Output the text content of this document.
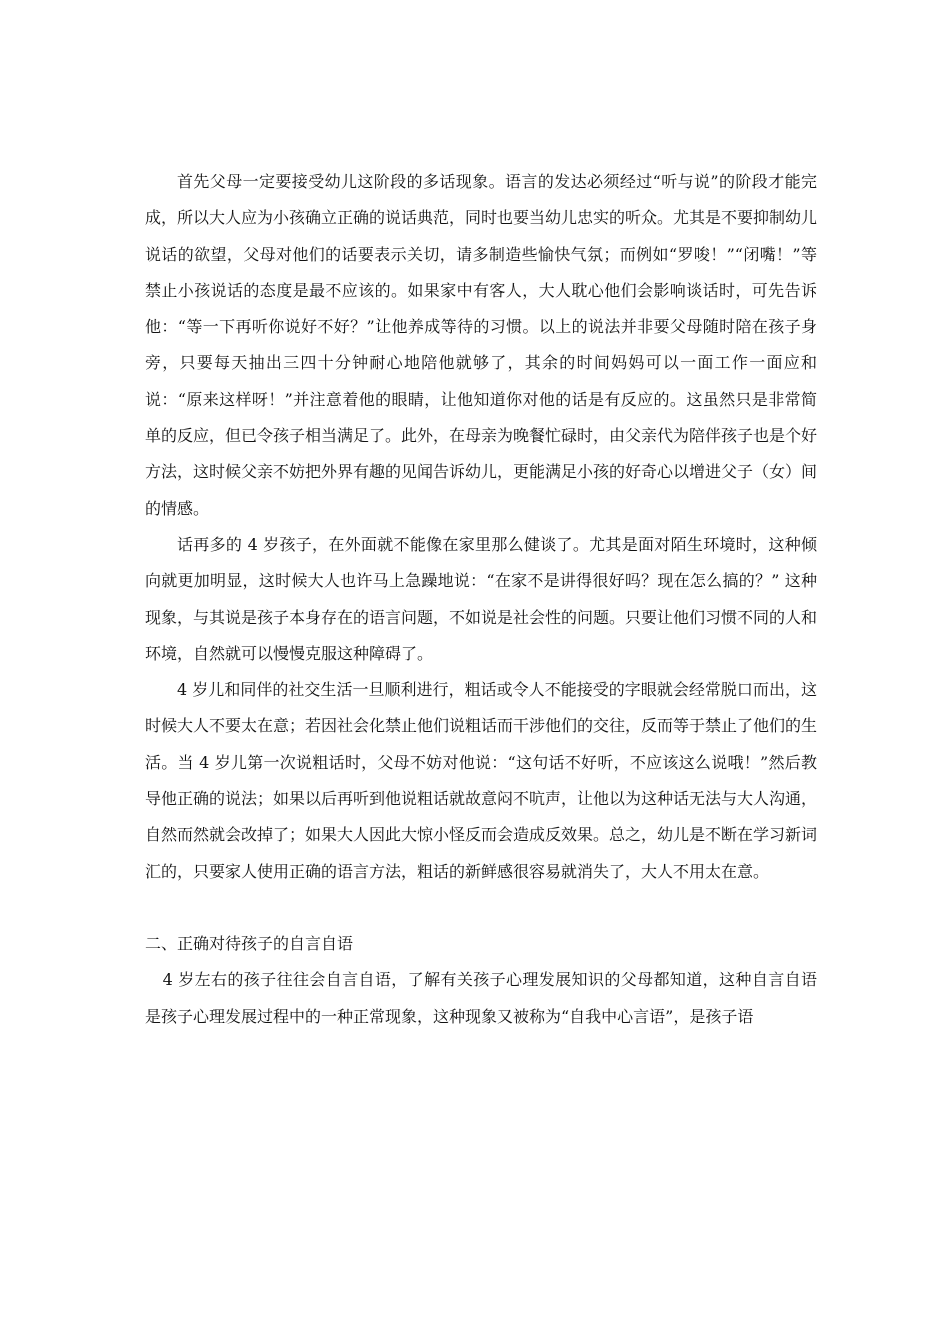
首先父母一定要接受幼儿这阶段的多话现象。语言的发达必须经过“听与说”的阶段才能完成，所以大人应为小孩确立正确的说话典范，同时也要当幼儿忠实的听众。尤其是不要抑制幼儿说话的欲望，父母对他们的话要表示关切，请多制造些愉快气氛；而例如“罗唆！”“闭嘴！”等禁止小孩说话的态度是最不应该的。如果家中有客人，大人耽心他们会影响谈话时，可先告诉他：“等一下再听你说好不好？”让他养成等待的习惯。以上的说法并非要父母随时陪在孩子身旁，只要每天抽出三四十分钟耐心地陪他就够了，其余的时间妈妈可以一面工作一面应和说：“原来这样呀！”并注意着他的眼睛，让他知道你对他的话是有反应的。这虽然只是非常简单的反应，但已令孩子相当满足了。此外，在母亲为晚餐忙碌时，由父亲代为陪伴孩子也是个好方法，这时候父亲不妨把外界有趣的见闻告诉幼儿，更能满足小孩的好奇心以增进父子（女）间的情感。

话再多的 4 岁孩子，在外面就不能像在家里那么健谈了。尤其是面对陌生环境时，这种倾向就更加明显，这时候大人也许马上急躁地说：“在家不是讲得很好吗？现在怎么搞的？” 这种现象，与其说是孩子本身存在的语言问题，不如说是社会性的问题。只要让他们习惯不同的人和环境，自然就可以慢慢克服这种障碍了。

4 岁儿和同伴的社交生活一旦顺利进行，粗话或令人不能接受的字眼就会经常脱口而出，这时候大人不要太在意；若因社会化禁止他们说粗话而干涉他们的交往，反而等于禁止了他们的生活。当 4 岁儿第一次说粗话时，父母不妨对他说：“这句话不好听，不应该这么说哦！”然后教导他正确的说法；如果以后再听到他说粗话就故意闷不吭声，让他以为这种话无法与大人沟通，自然而然就会改掉了；如果大人因此大惊小怪反而会造成反效果。总之，幼儿是不断在学习新词汇的，只要家人使用正确的语言方法，粗话的新鲜感很容易就消失了，大人不用太在意。

二、正确对待孩子的自言自语

4 岁左右的孩子往往会自言自语，了解有关孩子心理发展知识的父母都知道，这种自言自语是孩子心理发展过程中的一种正常现象，这种现象又被称为“自我中心言语”，是孩子语
